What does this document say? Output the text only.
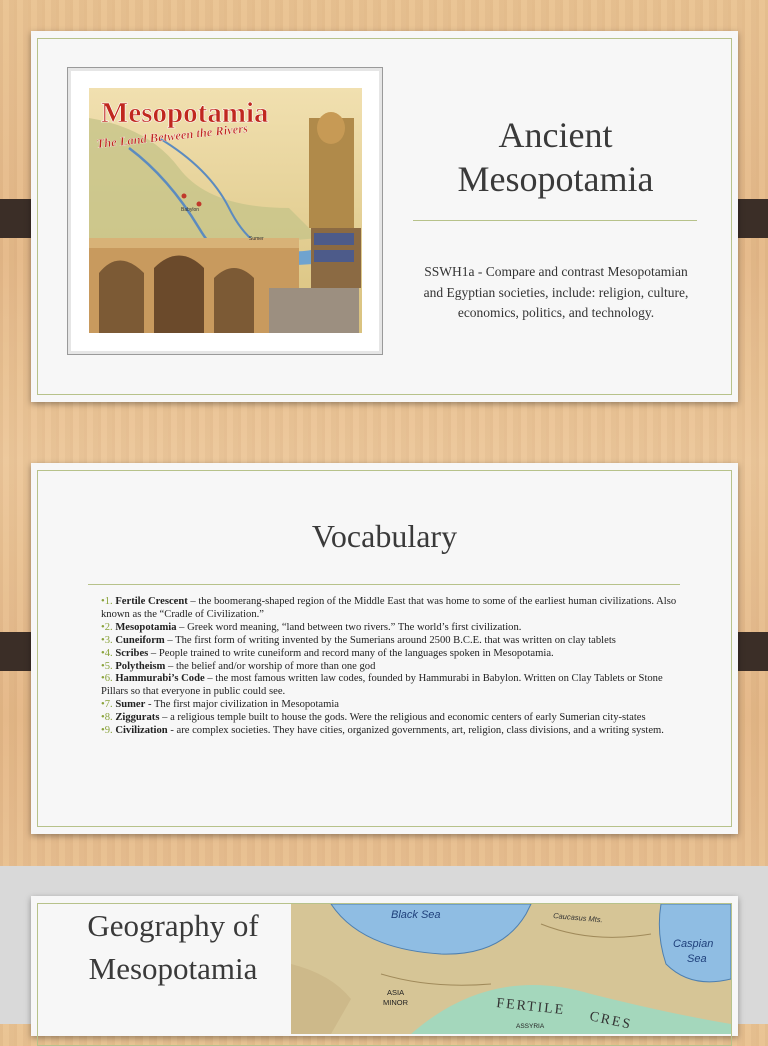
Mesopotamia
The Land Between the Rivers
Babylon
Sumer
Ancient
Mesopotamia
SSWH1a - Compare and contrast Mesopotamian and Egyptian societies, include: religion, culture, economics, politics, and technology.
Vocabulary
•1. Fertile Crescent – the boomerang-shaped region of the Middle East that was home to some of the earliest human civilizations. Also known as the “Cradle of Civilization.”
•2. Mesopotamia – Greek word meaning, “land between two rivers.” The world’s first civilization.
•3. Cuneiform – The first form of writing invented by the Sumerians around 2500 B.C.E. that was written on clay tablets
•4. Scribes – People trained to write cuneiform and record many of the languages spoken in Mesopotamia.
•5. Polytheism – the belief and/or worship of more than one god
•6. Hammurabi’s Code – the most famous written law codes, founded by Hammurabi in Babylon. Written on Clay Tablets or Stone Pillars so that everyone in public could see.
•7. Sumer - The first major civilization in Mesopotamia
•8. Ziggurats – a religious temple built to house the gods. Were the religious and economic centers of early Sumerian city-states
•9. Civilization - are complex societies. They have cities, organized governments, art, religion, class divisions, and a writing system.
Geography of
Mesopotamia
Black Sea	Caucasus Mts.
Caspian
Sea
ASIA
MINOR	FERTILE
CRES
ASSYRIA
